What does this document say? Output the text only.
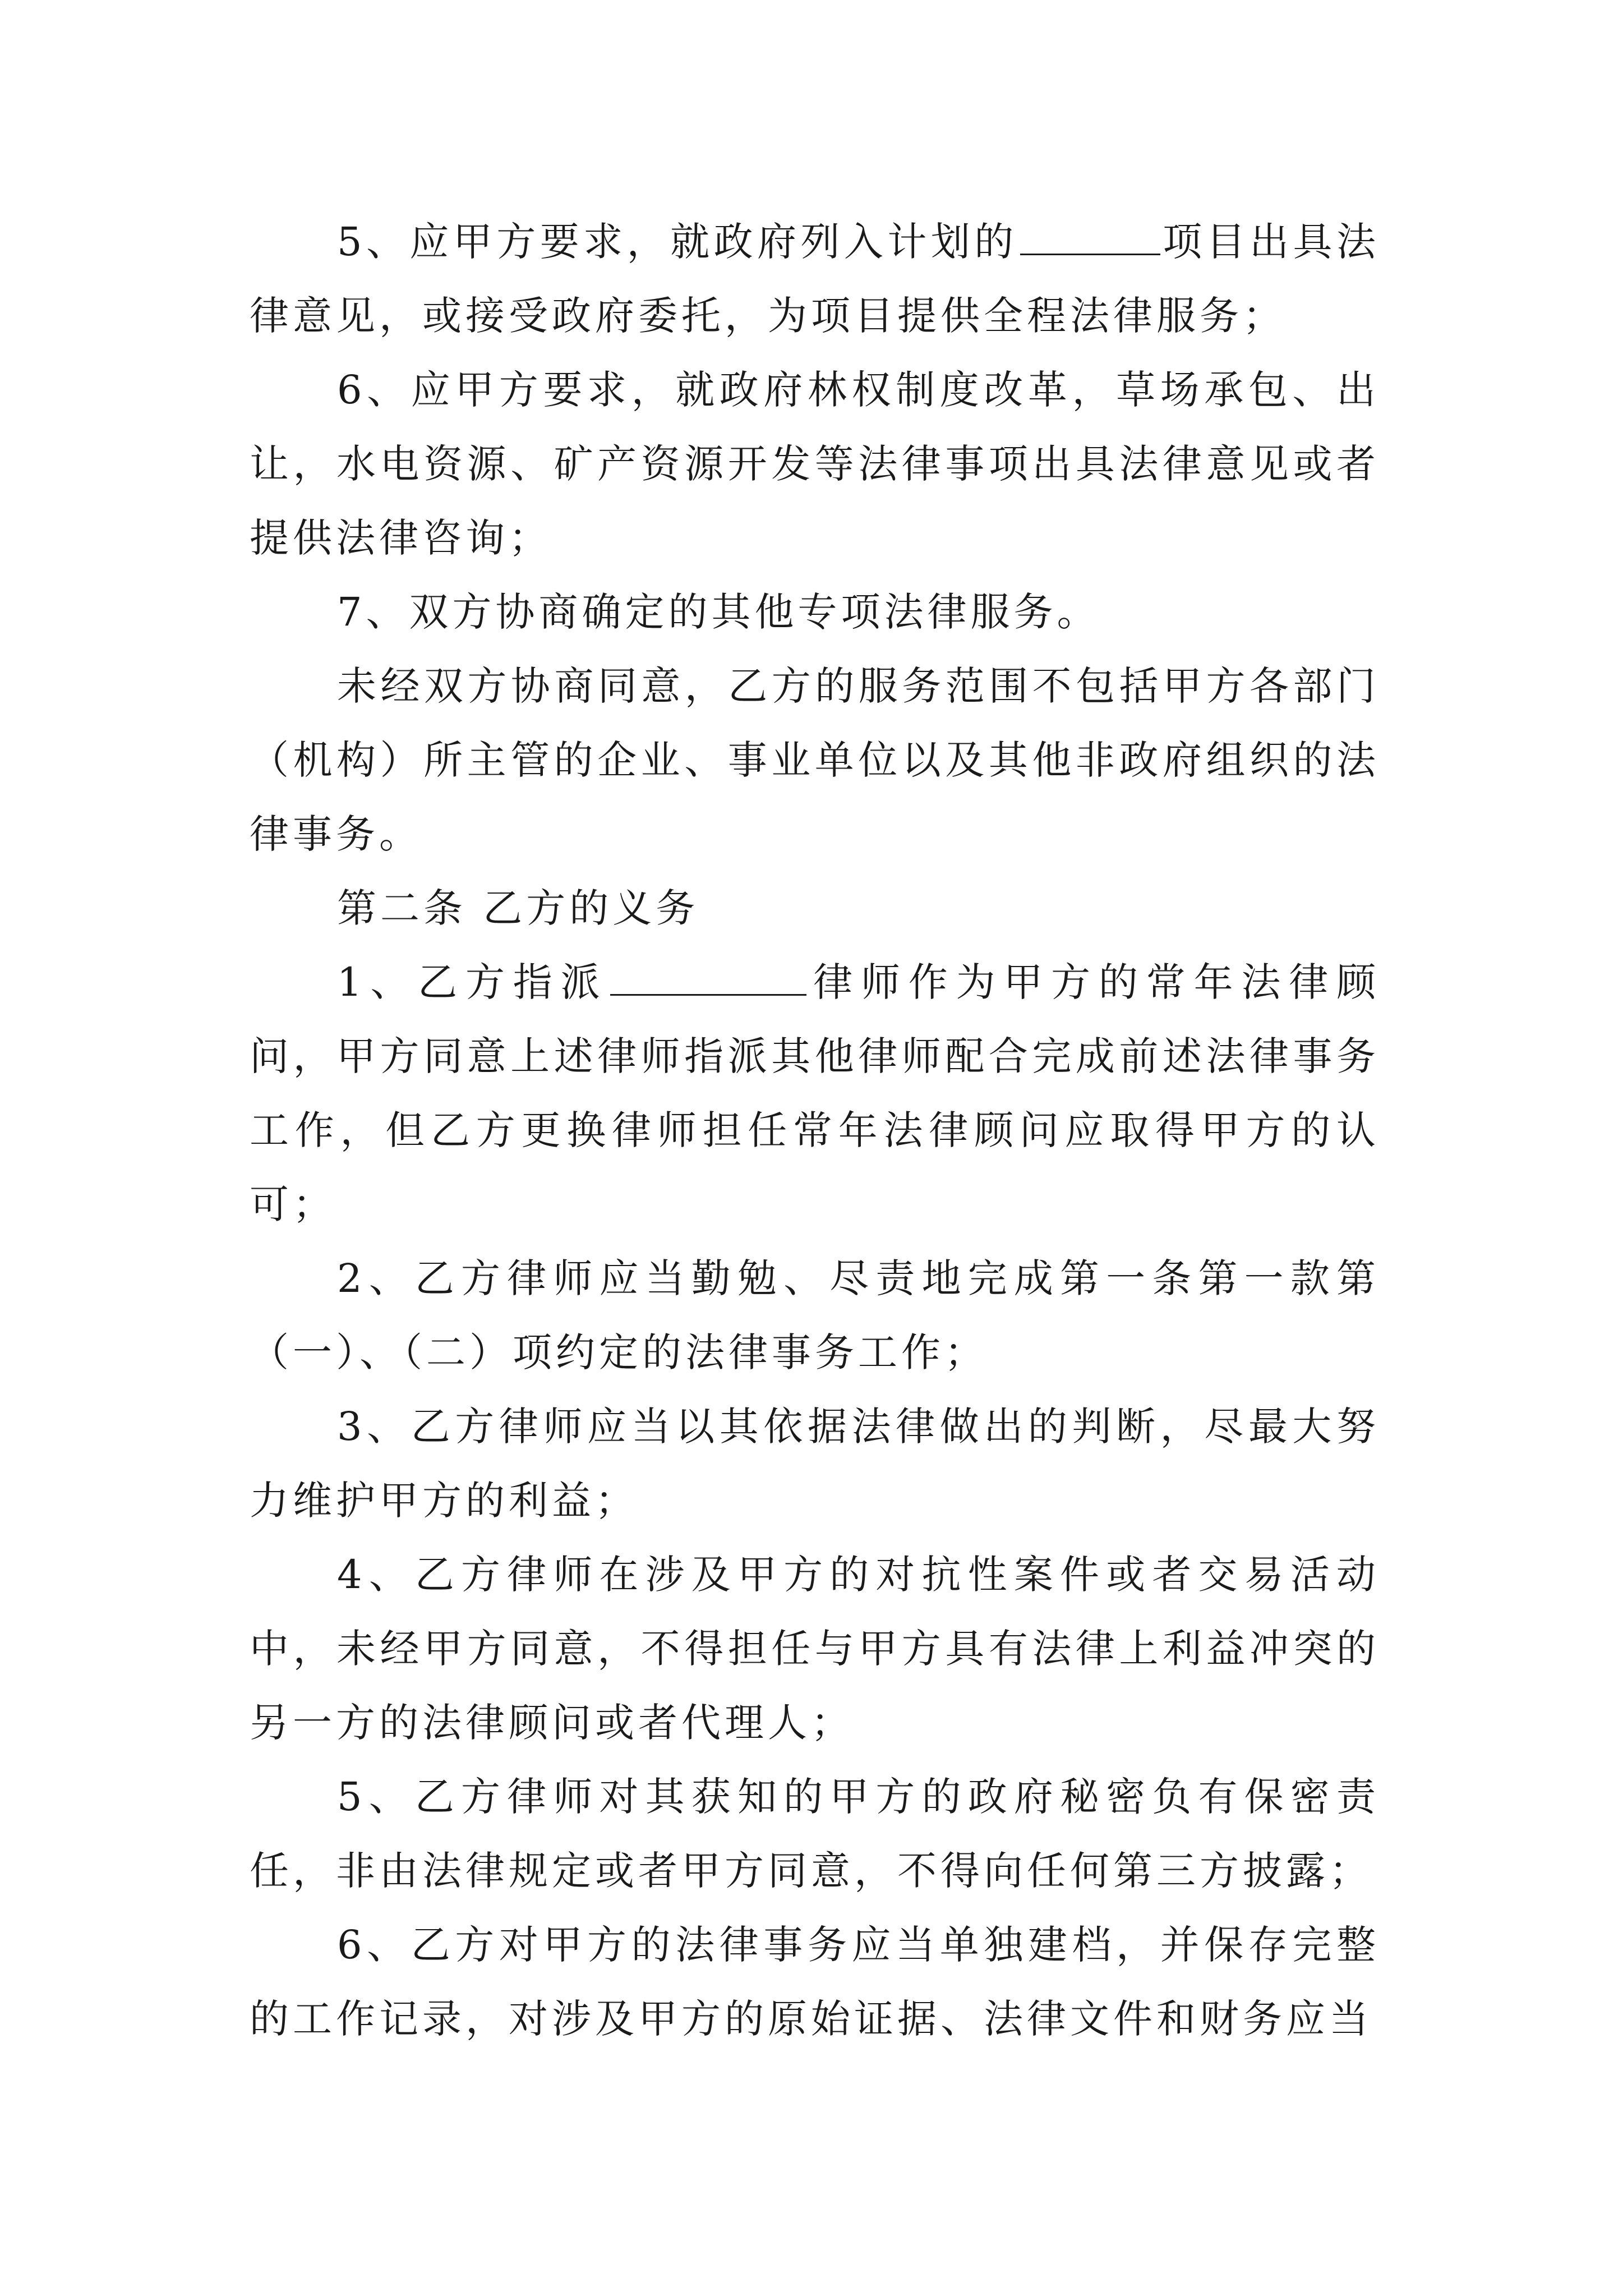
5、应甲方要求，就政府列入计划的	项目出具法律意见，或接受政府委托，为项目提供全程法律服务；

6、应甲方要求，就政府林权制度改革，草场承包、出让，水电资源、矿产资源开发等法律事项出具法律意见或者提供法律咨询；

7、双方协商确定的其他专项法律服务。

未经双方协商同意，乙方的服务范围不包括甲方各部门（机构）所主管的企业、事业单位以及其他非政府组织的法律事务。

第二条 乙方的义务

1、乙方指派	律师作为甲方的常年法律顾问，甲方同意上述律师指派其他律师配合完成前述法律事务工作，但乙方更换律师担任常年法律顾问应取得甲方的认可；

2、乙方律师应当勤勉、尽责地完成第一条第一款第（一）、（二）项约定的法律事务工作；

3、乙方律师应当以其依据法律做出的判断，尽最大努力维护甲方的利益；

4、乙方律师在涉及甲方的对抗性案件或者交易活动中，未经甲方同意，不得担任与甲方具有法律上利益冲突的另一方的法律顾问或者代理人；

5、乙方律师对其获知的甲方的政府秘密负有保密责任，非由法律规定或者甲方同意，不得向任何第三方披露；

6、乙方对甲方的法律事务应当单独建档，并保存完整的工作记录，对涉及甲方的原始证据、法律文件和财务应当
